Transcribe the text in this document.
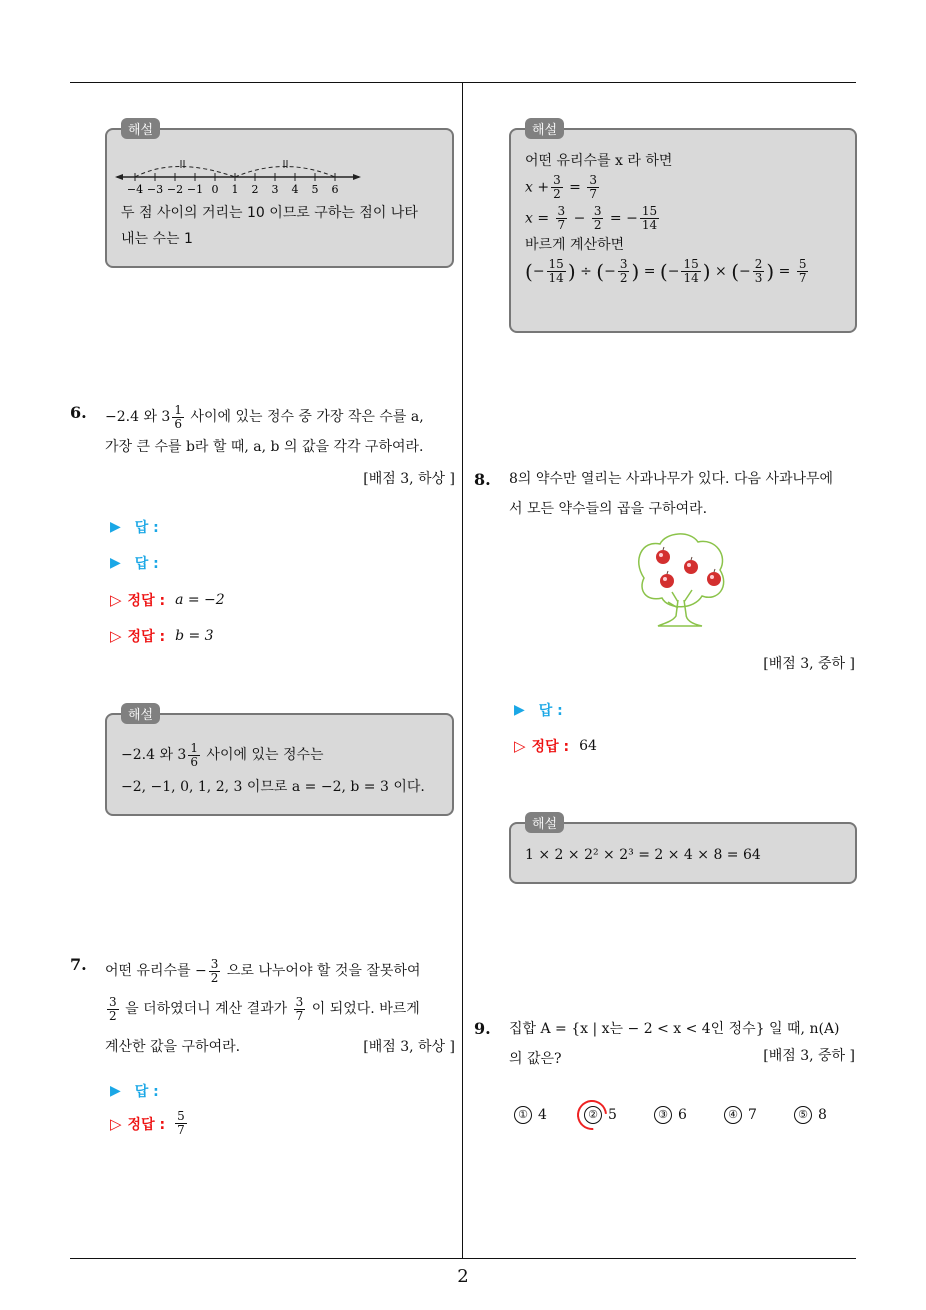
2
해설
−4 −3 −2 −1 0 1 2 3 4 5 6
두 점 사이의 거리는 10 이므로 구하는 점이 나타
내는 수는 1
6. −2.4 와 $3 \frac{1}{6}$ 사이에 있는 정수 중 가장 작은 수를 a,
가장 큰 수를 b라 할 때, a, b 의 값을 각각 구하여라.
[배점 3, 하상 ]
▶ 답 :
▶ 답 :
▷ 정답 : a = −2
▷ 정답 : b = 3
해설
−2.4 와 $3 \frac{1}{6}$ 사이에 있는 정수는
−2, −1, 0, 1, 2, 3 이므로 a = −2, b = 3 이다.
7. 어떤 유리수를 − $\frac{3}{2}$ 으로 나누어야 할 것을 잘못하여
$\frac{3}{2}$ 을 더하였더니 계산 결과가 $\frac{3}{7}$ 이 되었다. 바르게
계산한 값을 구하여라.	[배점 3, 하상 ]
▶ 답 :
▷ 정답 : $\frac{5}{7}$
해설
어떤 유리수를 x 라 하면
$x + \frac{3}{2} = \frac{3}{7}$
$x = \frac{3}{7} - \frac{3}{2}$ = − $\frac{15}{14}$
바르게 계산하면
(− $\frac{15}{14}$ ) ÷ (− $\frac{3}{2}$ ) = (− $\frac{15}{14}$ ) × (− $\frac{2}{3}$ ) = $\frac{5}{7}$
8. 8의 약수만 열리는 사과나무가 있다. 다음 사과나무에
서 모든 약수들의 곱을 구하여라.
[배점 3, 중하 ]
▶ 답 :
▷ 정답 : 64
해설
1 × 2 × 2² × 2³ = 2 × 4 × 8 = 64
9. 집합 A = {x | x는 − 2 < x < 4인 정수} 일 때, n(A)
의 값은?	[배점 3, 중하 ]
① 4	② 5	③ 6	④ 7	⑤ 8
